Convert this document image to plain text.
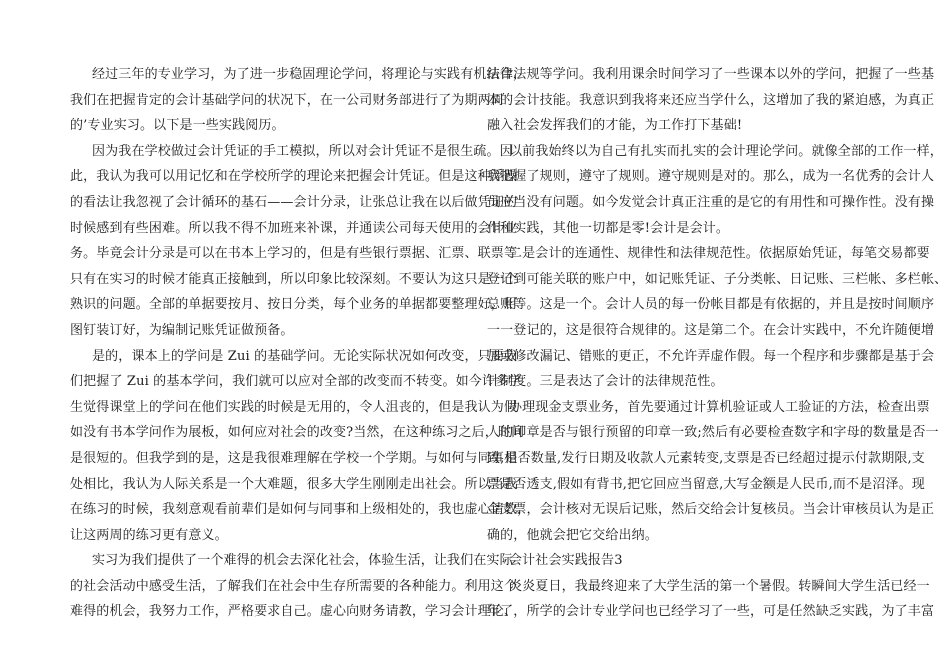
经过三年的专业学习，为了进一步稳固理论学问，将理论与实践有机结合，
我们在把握肯定的会计基础学问的状况下，在一公司财务部进行了为期两周
的’专业实习。以下是一些实践阅历。
因为我在学校做过会计凭证的手工模拟，所以对会计凭证不是很生疏。因
此，我认为我可以用记忆和在学校所学的理论来把握会计凭证。但是这种浮躁
的看法让我忽视了会计循环的基石——会计分录，让张总让我在以后做凭证的
时候感到有些困难。所以我不得不加班来补课，并通读公司每天使用的会计业
务。毕竟会计分录是可以在书本上学习的，但是有些银行票据、汇票、联票等
只有在实习的时候才能真正接触到，所以印象比较深刻。不要认为这只是一个
熟识的问题。全部的单据要按月、按日分类，每个业务的单据都要整理好，用
图钉装订好，为编制记账凭证做预备。
是的，课本上的学问是 Zui 的基础学问。无论实际状况如何改变，只要我
们把握了 Zui 的基本学问，我们就可以应对全部的改变而不转变。如今许多学
生觉得课堂上的学问在他们实践的时候是无用的，令人沮丧的，但是我认为假
如没有书本学问作为展板，如何应对社会的改变?当然，在这种练习之后，时间
是很短的。但我学到的是，这是我很难理解在学校一个学期。与如何与同事相
处相比，我认为人际关系是一个大难题，很多大学生刚刚走出社会。所以当我
在练习的时候，我刻意观看前辈们是如何与同事和上级相处的，我也虚心请教，
让这两周的练习更有意义。
实习为我们提供了一个难得的机会去深化社会，体验生活，让我们在实际
的社会活动中感受生活，了解我们在社会中生存所需要的各种能力。利用这个
难得的机会，我努力工作，严格要求自己。虚心向财务请教，学习会计理论、
法律法规等学问。我利用课余时间学习了一些课本以外的学问，把握了一些基
本的会计技能。我意识到我将来还应当学什么，这增加了我的紧迫感，为真正
融入社会发挥我们的才能，为工作打下基础!
以前我始终以为自己有扎实而扎实的会计理论学问。就像全部的工作一样，
我把握了规则，遵守了规则。遵守规则是对的。那么，成为一名优秀的会计人
员应当没有问题。如今发觉会计真正注重的是它的有用性和可操作性。没有操
作和实践，其他一切都是零!会计是会计。
二是会计的连通性、规律性和法律规范性。依据原始凭证，每笔交易都要
登记到可能关联的账户中，如记账凭证、子分类帐、日记账、三栏帐、多栏帐、
总账等。这是一个。会计人员的每一份帐目都是有依据的，并且是按时间顺序
一一登记的，这是很符合规律的。这是第二个。在会计实践中，不允许随便增
加或修改漏记、错账的更正，不允许弄虚作假。每一个程序和步骤都是基于会
计制度。三是表达了会计的法律规范性。
办理现金支票业务，首先要通过计算机验证或人工验证的方法，检查出票
人的印章是否与银行预留的印章一致;然后有必要检查数字和字母的数量是否一
致,是否数量,发行日期及收款人元素转变,支票是否已经超过提示付款期限,支
票是否透支,假如有背书,把它回应当留意,大写金额是人民币,而不是沼泽。现
金支票，会计核对无误后记账，然后交给会计复核员。当会计审核员认为是正
确的，他就会把它交给出纳。
会计社会实践报告3
炎炎夏日，我最终迎来了大学生活的第一个暑假。转瞬间大学生活已经一
年了，所学的会计专业学问也已经学习了一些，可是任然缺乏实践，为了丰富
